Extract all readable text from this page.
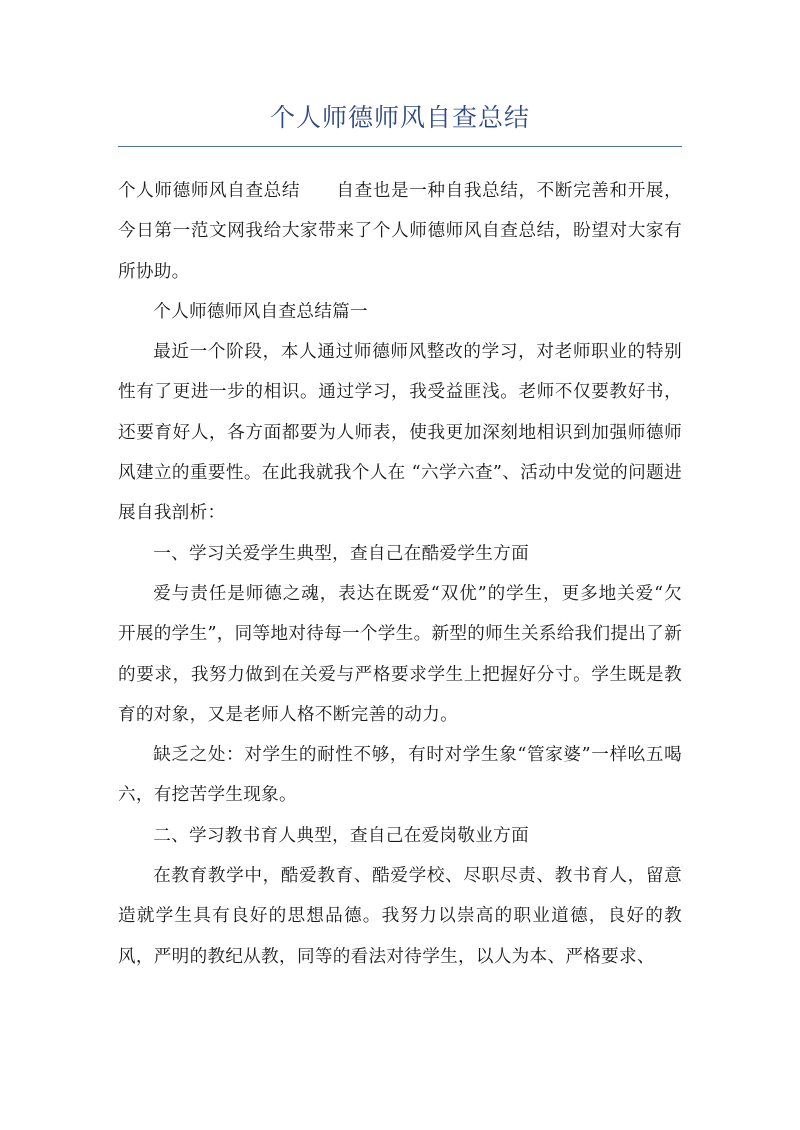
个人师德师风自查总结

个人师德师风自查总结 自查也是一种自我总结，不断完善和开展，今日第一范文网我给大家带来了个人师德师风自查总结，盼望对大家有所协助。

个人师德师风自查总结篇一

最近一个阶段，本人通过师德师风整改的学习，对老师职业的特别性有了更进一步的相识。通过学习，我受益匪浅。老师不仅要教好书，还要育好人，各方面都要为人师表，使我更加深刻地相识到加强师德师风建立的重要性。在此我就我个人在 “六学六查”、活动中发觉的问题进展自我剖析：

一、学习关爱学生典型，查自己在酷爱学生方面

爱与责任是师德之魂，表达在既爱“双优”的学生，更多地关爱“欠开展的学生”，同等地对待每一个学生。新型的师生关系给我们提出了新的要求，我努力做到在关爱与严格要求学生上把握好分寸。学生既是教育的对象，又是老师人格不断完善的动力。

缺乏之处：对学生的耐性不够，有时对学生象“管家婆”一样吆五喝六，有挖苦学生现象。

二、学习教书育人典型，查自己在爱岗敬业方面

在教育教学中，酷爱教育、酷爱学校、尽职尽责、教书育人，留意造就学生具有良好的思想品德。我努力以崇高的职业道德，良好的教风，严明的教纪从教，同等的看法对待学生，以人为本、严格要求、
